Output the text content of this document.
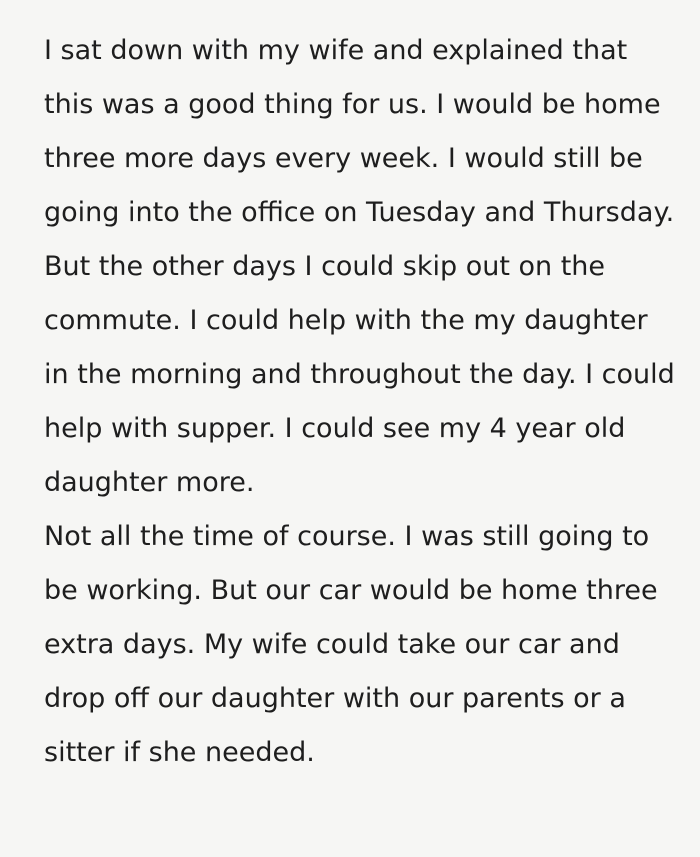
I sat down with my wife and explained that this was a good thing for us. I would be home three more days every week. I would still be going into the office on Tuesday and Thursday. But the other days I could skip out on the commute. I could help with the my daughter in the morning and throughout the day. I could help with supper. I could see my 4 year old daughter more.

Not all the time of course. I was still going to be working. But our car would be home three extra days. My wife could take our car and drop off our daughter with our parents or a sitter if she needed.
